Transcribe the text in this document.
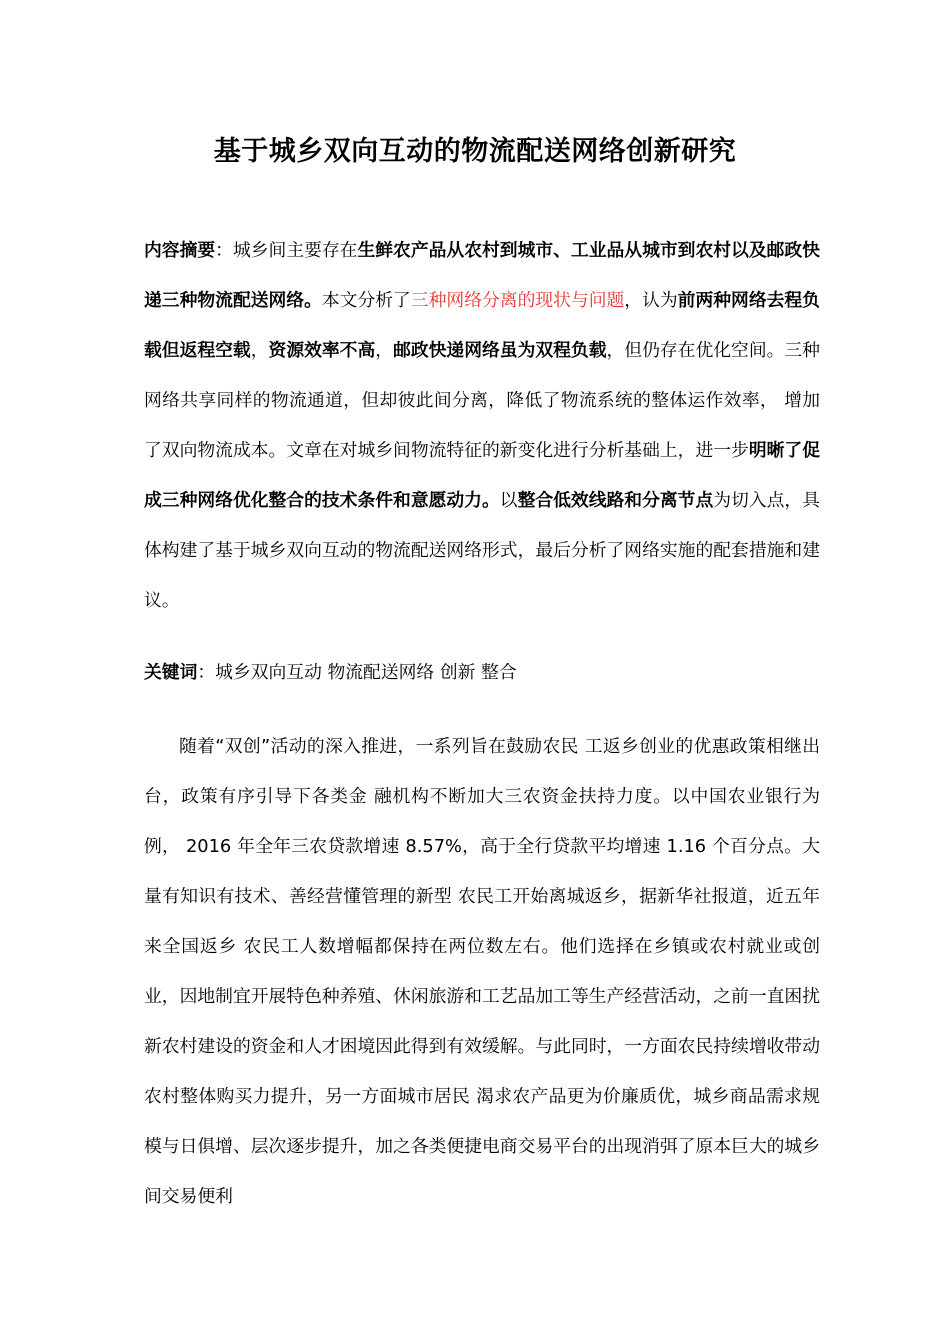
基于城乡双向互动的物流配送网络创新研究
内容摘要：城乡间主要存在生鲜农产品从农村到城市、工业品从城市到农村以及邮政快递三种物流配送网络。本文分析了三种网络分离的现状与问题，认为前两种网络去程负载但返程空载，资源效率不高，邮政快递网络虽为双程负载，但仍存在优化空间。三种网络共享同样的物流通道，但却彼此间分离，降低了物流系统的整体运作效率， 增加了双向物流成本。文章在对城乡间物流特征的新变化进行分析基础上，进一步明晰了促成三种网络优化整合的技术条件和意愿动力。以整合低效线路和分离节点为切入点，具体构建了基于城乡双向互动的物流配送网络形式，最后分析了网络实施的配套措施和建议。
关键词：城乡双向互动 物流配送网络 创新 整合
随着“双创”活动的深入推进，一系列旨在鼓励农民 工返乡创业的优惠政策相继出台，政策有序引导下各类金 融机构不断加大三农资金扶持力度。以中国农业银行为例， 2016 年全年三农贷款增速 8.57%，高于全行贷款平均增速 1.16 个百分点。大量有知识有技术、善经营懂管理的新型 农民工开始离城返乡，据新华社报道，近五年来全国返乡 农民工人数增幅都保持在两位数左右。他们选择在乡镇或农村就业或创业，因地制宜开展特色种养殖、休闲旅游和工艺品加工等生产经营活动，之前一直困扰新农村建设的资金和人才困境因此得到有效缓解。与此同时，一方面农民持续增收带动农村整体购买力提升，另一方面城市居民 渴求农产品更为价廉质优，城乡商品需求规模与日俱增、层次逐步提升，加之各类便捷电商交易平台的出现消弭了原本巨大的城乡间交易便利
